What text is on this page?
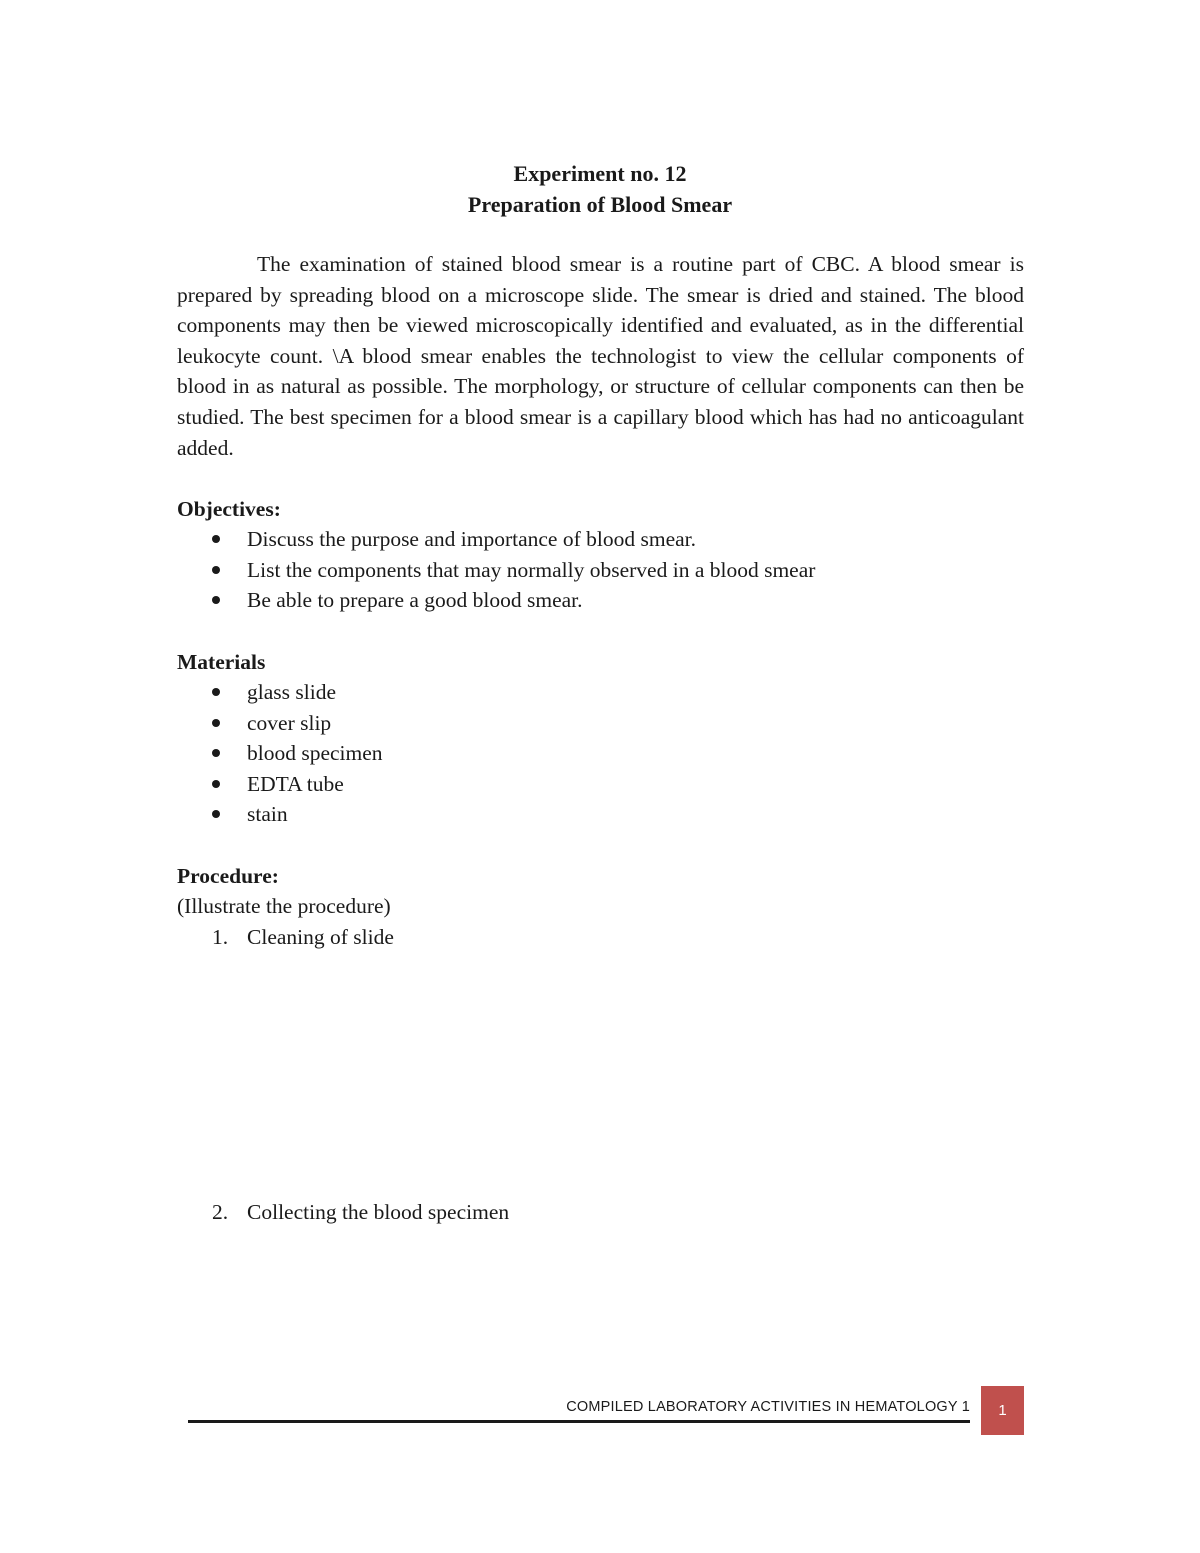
Experiment no. 12
Preparation of Blood Smear

The examination of stained blood smear is a routine part of CBC. A blood smear is prepared by spreading blood on a microscope slide. The smear is dried and stained. The blood components may then be viewed microscopically identified and evaluated, as in the differential leukocyte count. \A blood smear enables the technologist to view the cellular components of blood in as natural as possible. The morphology, or structure of cellular components can then be studied. The best specimen for a blood smear is a capillary blood which has had no anticoagulant added.

Objectives:
Discuss the purpose and importance of blood smear.
List the components that may normally observed in a blood smear
Be able to prepare a good blood smear.
Materials
glass slide
cover slip
blood specimen
EDTA tube
stain
Procedure:
(Illustrate the procedure)
1. Cleaning of slide
2. Collecting the blood specimen
COMPILED LABORATORY ACTIVITIES IN HEMATOLOGY 1	1
